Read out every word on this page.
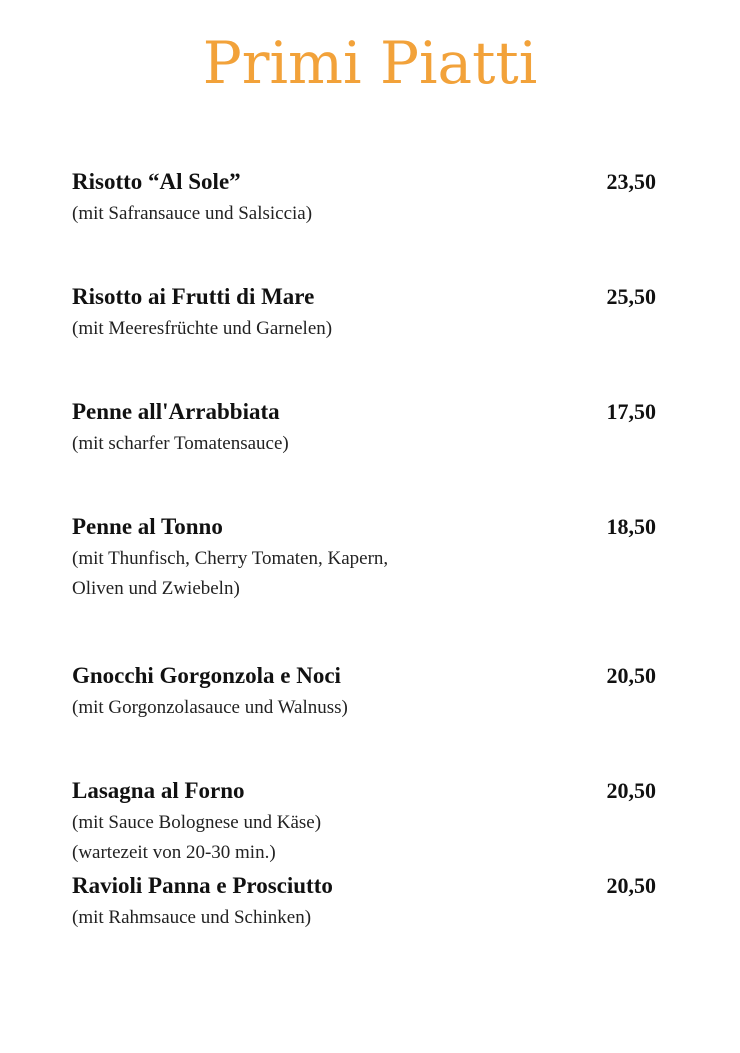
Primi Piatti
Risotto “Al Sole”	23,50
(mit Safransauce und Salsiccia)
Risotto ai Frutti di Mare	25,50
(mit Meeresfrüchte und Garnelen)
Penne all'Arrabbiata	17,50
(mit scharfer Tomatensauce)
Penne al Tonno	18,50
(mit Thunfisch, Cherry Tomaten, Kapern,
Oliven und Zwiebeln)
Gnocchi Gorgonzola e Noci	20,50
(mit Gorgonzolasauce und Walnuss)
Lasagna al Forno	20,50
(mit Sauce Bolognese und Käse)
(wartezeit von 20-30 min.)
Ravioli Panna e Prosciutto	20,50
(mit Rahmsauce und Schinken)
